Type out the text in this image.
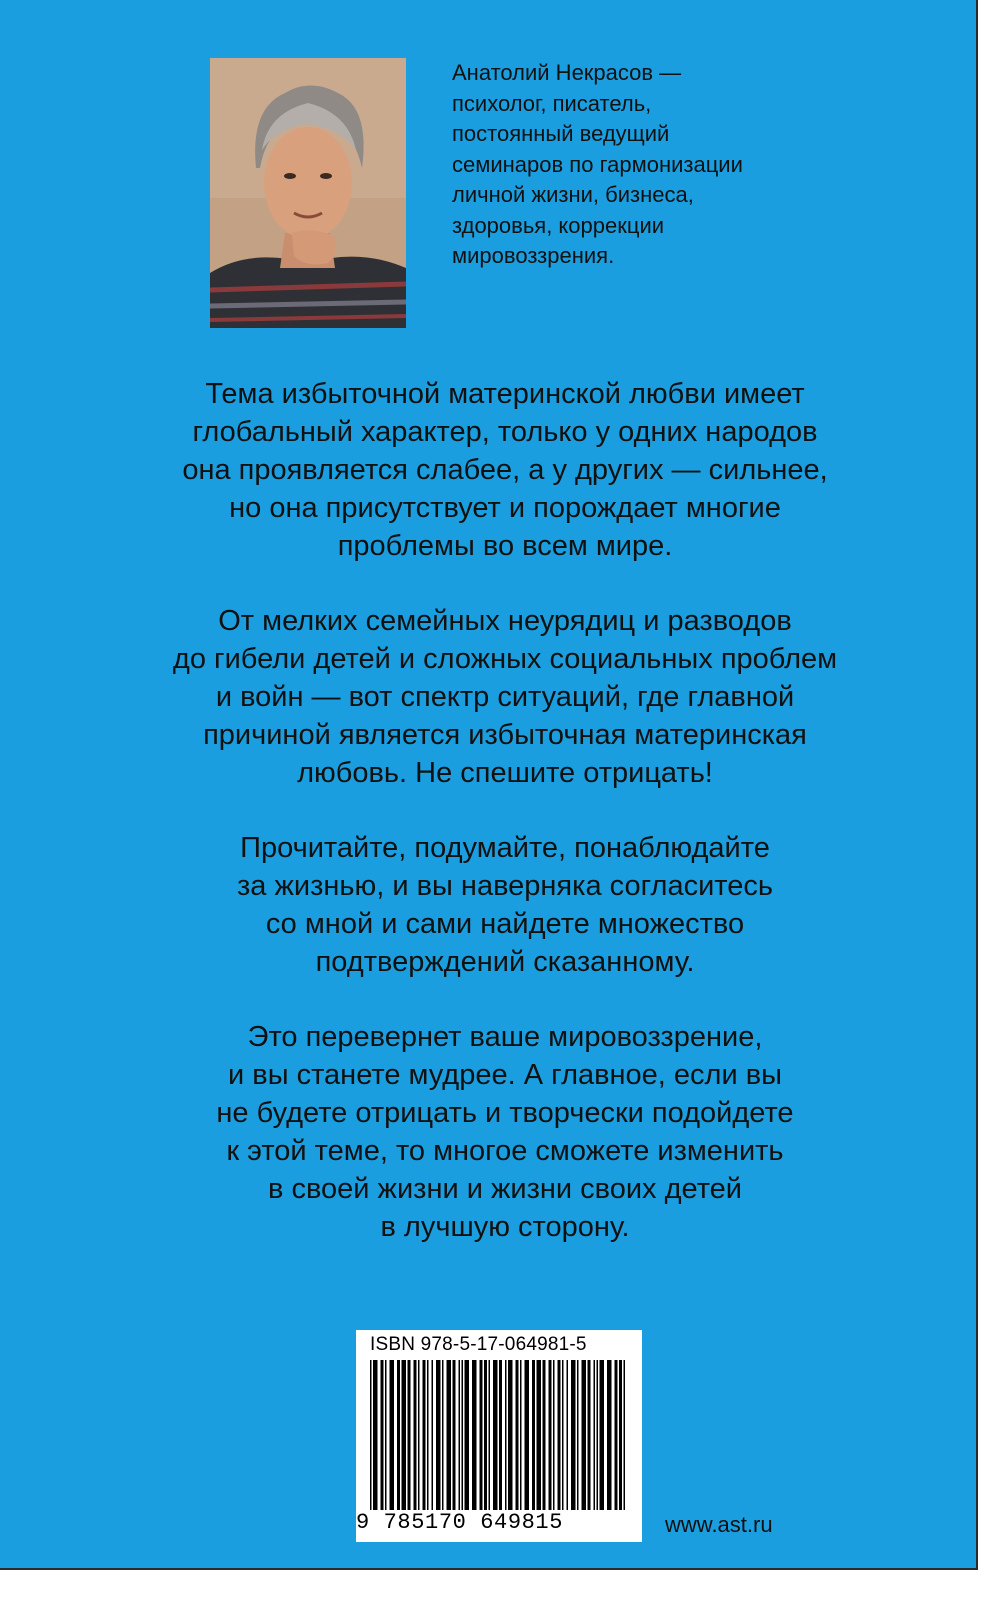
Анатолий Некрасов —
психолог, писатель,
постоянный ведущий
семинаров по гармонизации
личной жизни, бизнеса,
здоровья, коррекции
мировоззрения.

Тема избыточной материнской любви имеет
глобальный характер, только у одних народов
она проявляется слабее, а у других — сильнее,
но она присутствует и порождает многие
проблемы во всем мире.

От мелких семейных неурядиц и разводов
до гибели детей и сложных социальных проблем
и войн — вот спектр ситуаций, где главной
причиной является избыточная материнская
любовь. Не спешите отрицать!

Прочитайте, подумайте, понаблюдайте
за жизнью, и вы наверняка согласитесь
со мной и сами найдете множество
подтверждений сказанному.

Это перевернет ваше мировоззрение,
и вы станете мудрее. А главное, если вы
не будете отрицать и творчески подойдете
к этой теме, то многое сможете изменить
в своей жизни и жизни своих детей
в лучшую сторону.

ISBN 978-5-17-064981-5
9 785170 649815	www.ast.ru
